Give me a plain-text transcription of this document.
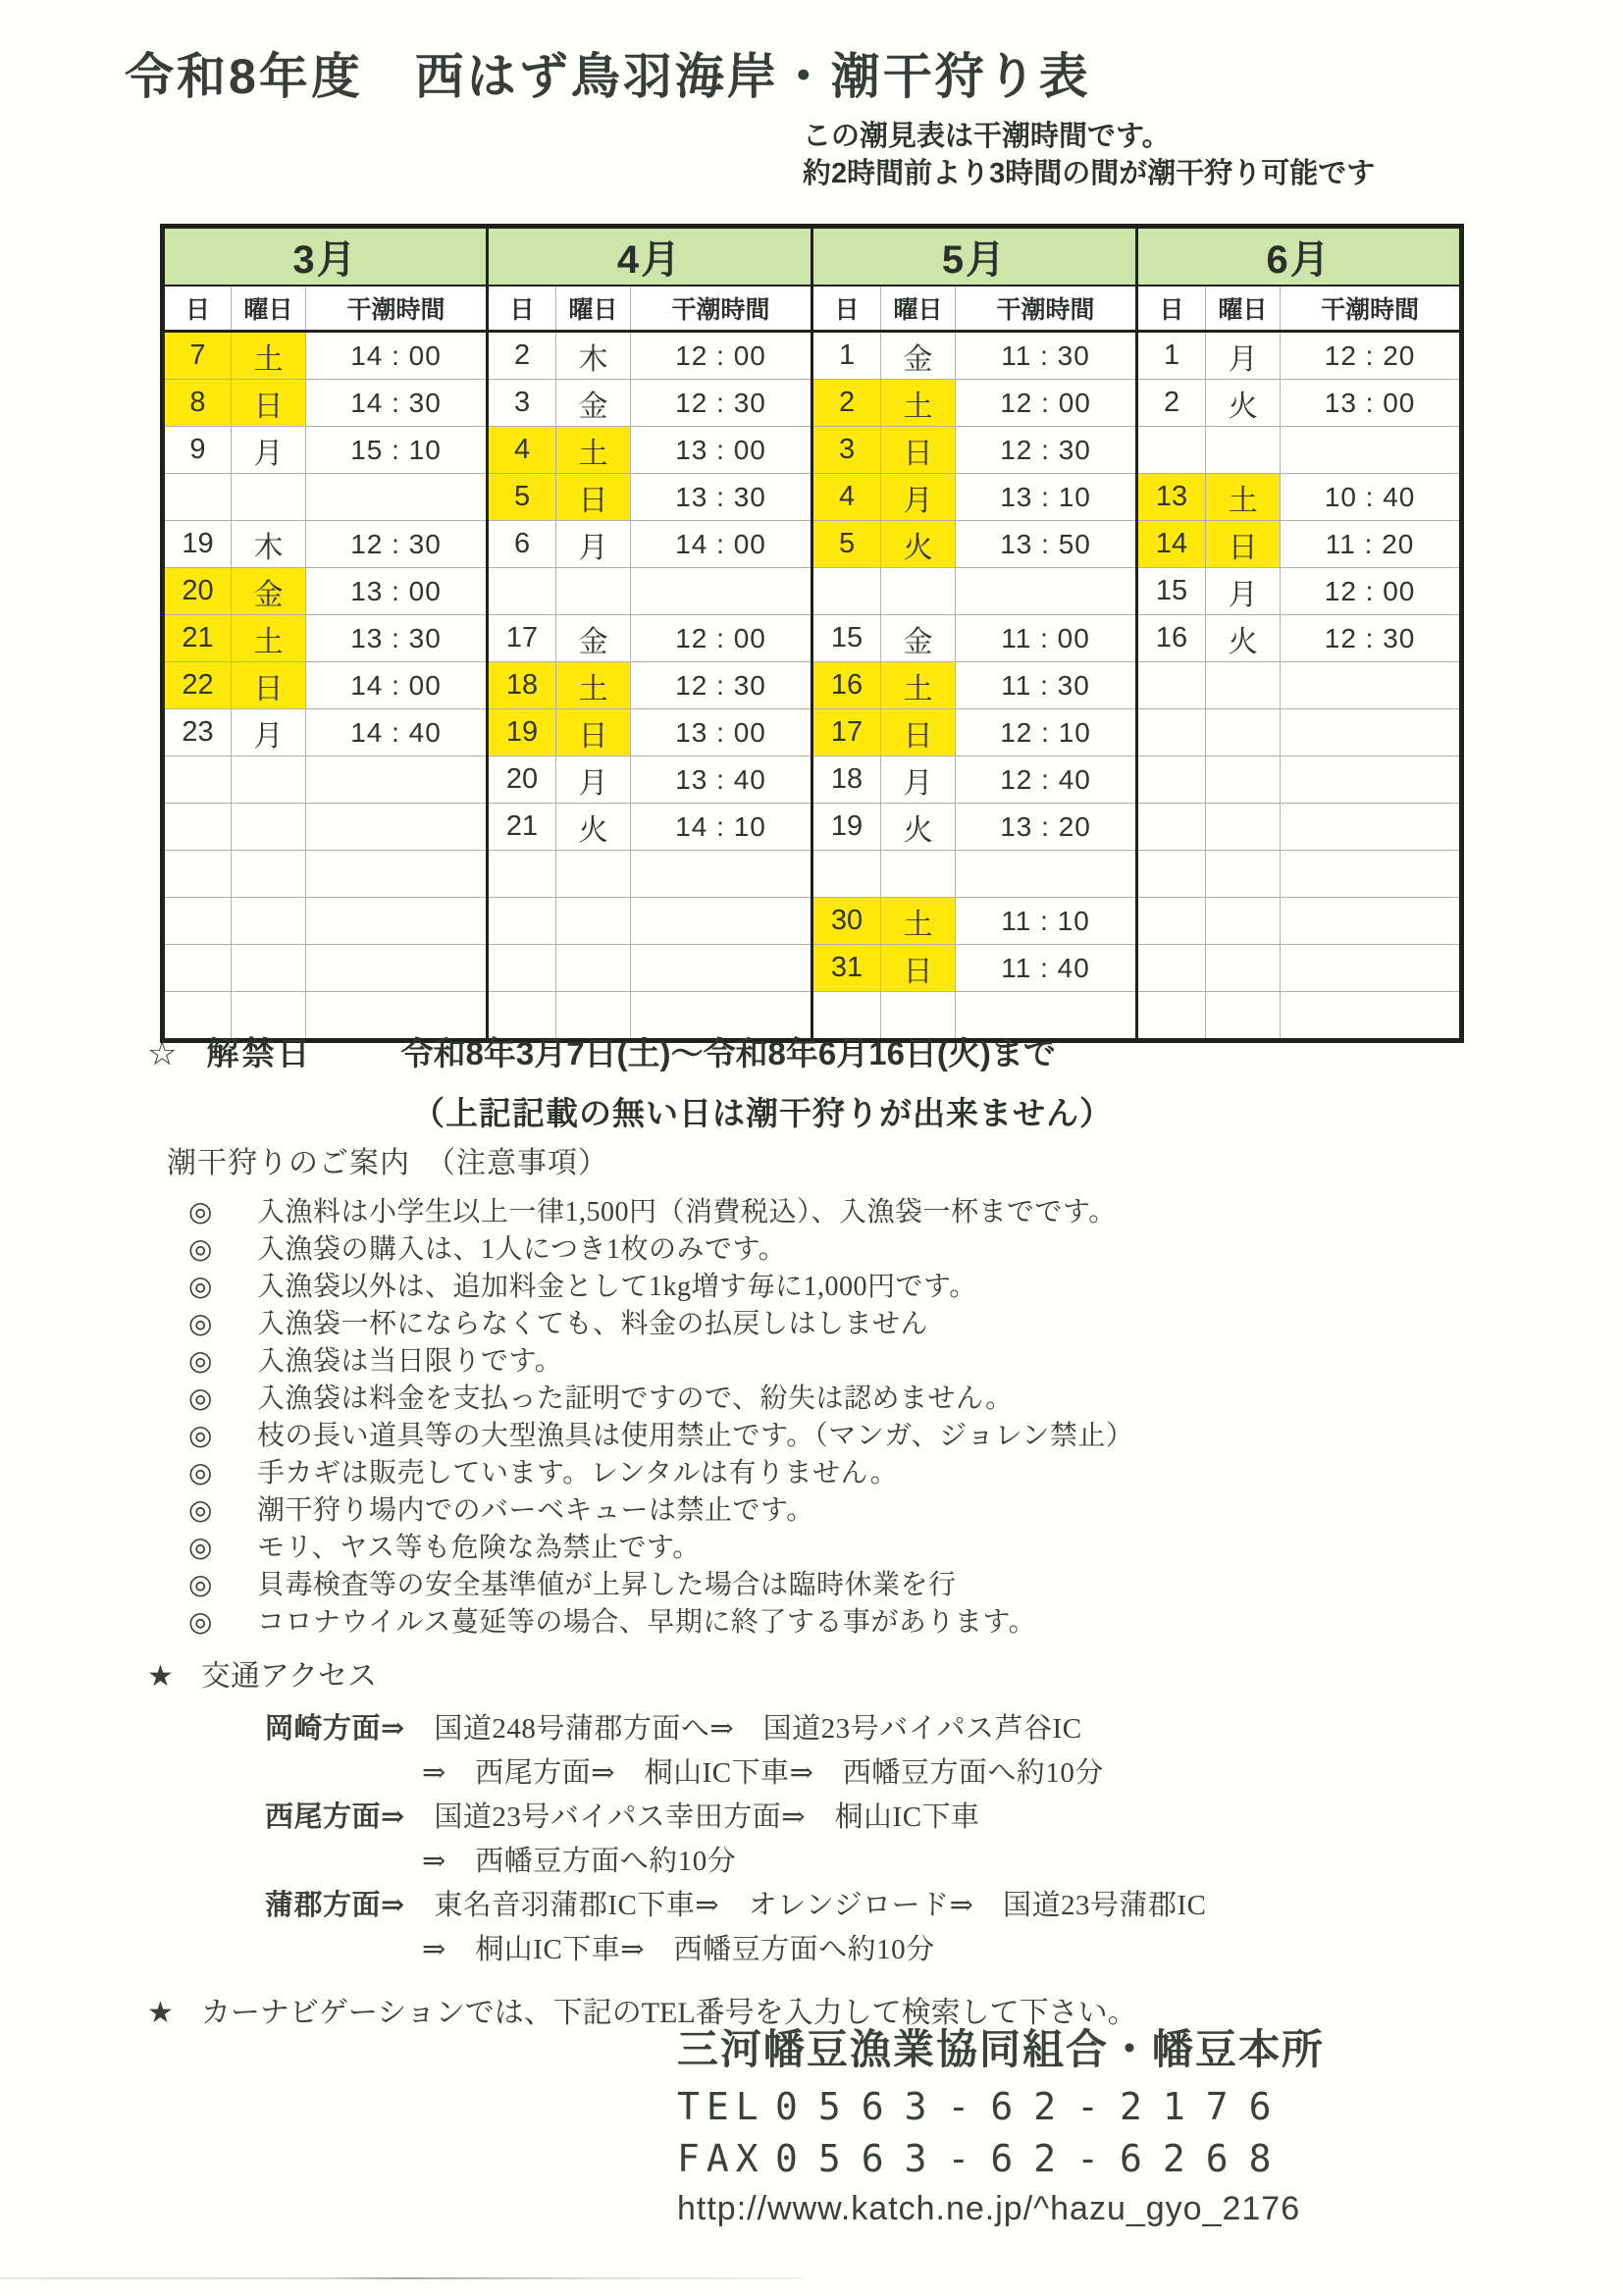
令和8年度　西はず鳥羽海岸・潮干狩り表
この潮見表は干潮時間です。
約2時間前より3時間の間が潮干狩り可能です
3月			4月			5月			6月		
日	曜日	干潮時間	日	曜日	干潮時間	日	曜日	干潮時間	日	曜日	干潮時間
7	土	14 : 00	2	木	12 : 00	1	金	11 : 30	1	月	12 : 20
8	日	14 : 30	3	金	12 : 30	2	土	12 : 00	2	火	13 : 00
9	月	15 : 10	4	土	13 : 00	3	日	12 : 30			
			5	日	13 : 30	4	月	13 : 10	13	土	10 : 40
19	木	12 : 30	6	月	14 : 00	5	火	13 : 50	14	日	11 : 20
20	金	13 : 00							15	月	12 : 00
21	土	13 : 30	17	金	12 : 00	15	金	11 : 00	16	火	12 : 30
22	日	14 : 00	18	土	12 : 30	16	土	11 : 30			
23	月	14 : 40	19	日	13 : 00	17	日	12 : 10			
			20	月	13 : 40	18	月	12 : 40			
			21	火	14 : 10	19	火	13 : 20			

						30	土	11 : 10			
						31	日	11 : 40			

☆ 解禁日	令和8年3月7日(土)～令和8年6月16日(火)まで
（上記記載の無い日は潮干狩りが出来ません）
潮干狩りのご案内　（注意事項）
◎	入漁料は小学生以上一律1,500円（消費税込）、入漁袋一杯までです。
◎	入漁袋の購入は、1人につき1枚のみです。
◎	入漁袋以外は、追加料金として1kg増す毎に1,000円です。
◎	入漁袋一杯にならなくても、料金の払戻しはしません
◎	入漁袋は当日限りです。
◎	入漁袋は料金を支払った証明ですので、紛失は認めません。
◎	枝の長い道具等の大型漁具は使用禁止です。（マンガ、ジョレン禁止）
◎	手カギは販売しています。レンタルは有りません。
◎	潮干狩り場内でのバーベキューは禁止です。
◎	モリ、ヤス等も危険な為禁止です。
◎	貝毒検査等の安全基準値が上昇した場合は臨時休業を行
◎	コロナウイルス蔓延等の場合、早期に終了する事があります。
★ 交通アクセス
岡崎方面⇒　国道248号蒲郡方面へ⇒　国道23号バイパス芦谷IC
⇒　西尾方面⇒　桐山IC下車⇒　西幡豆方面へ約10分
西尾方面⇒　国道23号バイパス幸田方面⇒　桐山IC下車
⇒　西幡豆方面へ約10分
蒲郡方面⇒　東名音羽蒲郡IC下車⇒　オレンジロード⇒　国道23号蒲郡IC
⇒　桐山IC下車⇒　西幡豆方面へ約10分
★ カーナビゲーションでは、下記のTEL番号を入力して検索して下さい。
三河幡豆漁業協同組合・幡豆本所
TEL 0563-62-2176
FAX 0563-62-6268
http://www.katch.ne.jp/^hazu_gyo_2176
